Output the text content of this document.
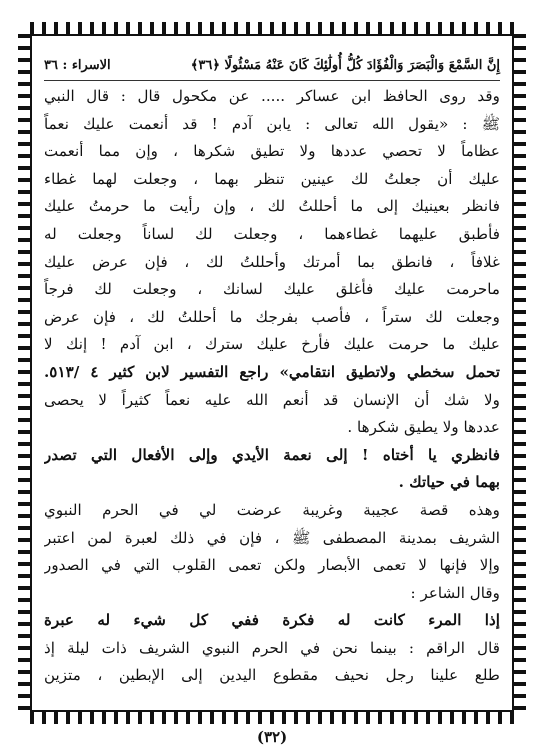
إِنَّ السَّمْعَ وَالْبَصَرَ وَالْفُؤَادَ كُلُّ أُولَٰئِكَ كَانَ عَنْهُ مَسْئُولًا ﴿٣٦﴾
الاسراء : ٣٦
وقد روى الحافظ ابن عساكر ..... عن مكحول قال : قال النبي
ﷺ : «يقول الله تعالى : يابن آدم ! قد أنعمت عليك نعماً
عظاماً لا تحصي عددها ولا تطيق شكرها ، وإن مما أنعمت
عليك أن جعلتُ لك عينين تنظر بهما ، وجعلت لهما غطاء
فانظر بعينيك إلى ما أحللتُ لك ، وإن رأيت ما حرمتُ عليك
فأطبق عليهما غطاءهما ، وجعلت لك لساناً وجعلت له
غلافاً ، فانطق بما أمرتك وأحللتُ لك ، فإن عرض عليك
ماحرمت عليك فأغلق عليك لسانك ، وجعلت لك فرجاً
وجعلت لك ستراً ، فأصب بفرجك ما أحللتُ لك ، فإن عرض
عليك ما حرمت عليك فأرخ عليك سترك ، ابن آدم ! إنك لا
تحمل سخطي ولاتطيق انتقامي» راجع التفسير لابن كثير ٤ /٥١٣.
ولا شك أن الإنسان قد أنعم الله عليه نعماً كثيراً لا يحصى
عددها ولا يطيق شكرها .
فانظري يا أختاه ! إلى نعمة الأيدي وإلى الأفعال التي تصدر
بهما في حياتك .
وهذه قصة عجيبة وغريبة عرضت لي في الحرم النبوي
الشريف بمدينة المصطفى ﷺ ، فإن في ذلك لعبرة لمن اعتبر
وإلا فإنها لا تعمى الأبصار ولكن تعمى القلوب التي في الصدور
وقال الشاعر :
إذا المرء كانت له فكرة ففي كل شيء له عبرة
قال الراقم : بينما نحن في الحرم النبوي الشريف ذات ليلة إذ
طلع علينا رجل نحيف مقطوع اليدين إلى الإبطين ، متزين
(٣٢)
